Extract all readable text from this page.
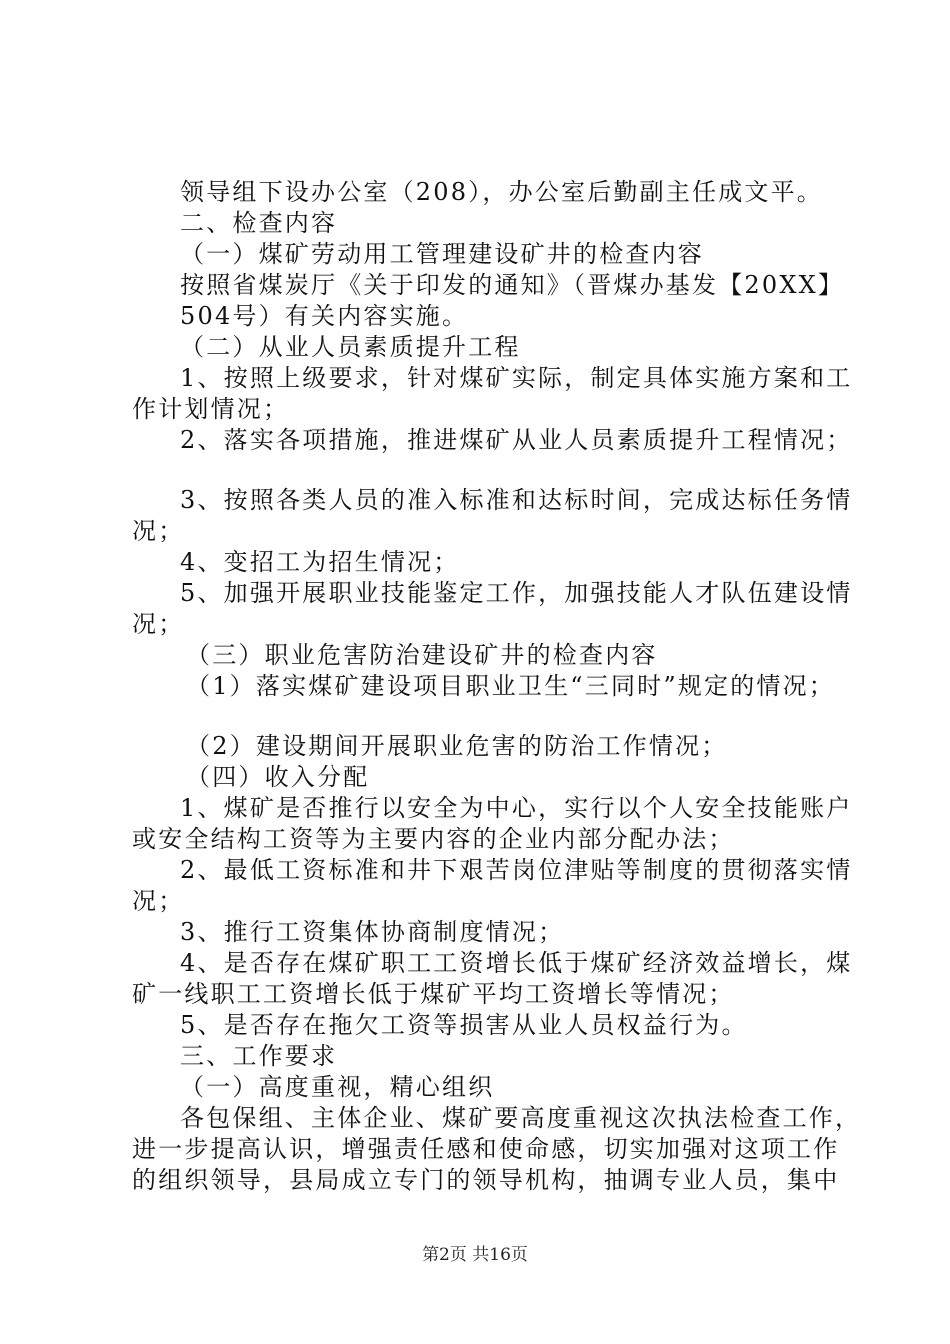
领导组下设办公室（208），办公室后勤副主任成文平。
二、检查内容
（一）煤矿劳动用工管理建设矿井的检查内容
按照省煤炭厅《关于印发的通知》（晋煤办基发【20XX】
504号）有关内容实施。
（二）从业人员素质提升工程
1、按照上级要求，针对煤矿实际，制定具体实施方案和工
作计划情况；
2、落实各项措施，推进煤矿从业人员素质提升工程情况；
3、按照各类人员的准入标准和达标时间，完成达标任务情
况；
4、变招工为招生情况；
5、加强开展职业技能鉴定工作，加强技能人才队伍建设情
况；
（三）职业危害防治建设矿井的检查内容
（1）落实煤矿建设项目职业卫生“三同时”规定的情况；
（2）建设期间开展职业危害的防治工作情况；
（四）收入分配
1、煤矿是否推行以安全为中心，实行以个人安全技能账户
或安全结构工资等为主要内容的企业内部分配办法；
2、最低工资标准和井下艰苦岗位津贴等制度的贯彻落实情
况；
3、推行工资集体协商制度情况；
4、是否存在煤矿职工工资增长低于煤矿经济效益增长，煤
矿一线职工工资增长低于煤矿平均工资增长等情况；
5、是否存在拖欠工资等损害从业人员权益行为。
三、工作要求
（一）高度重视，精心组织
各包保组、主体企业、煤矿要高度重视这次执法检查工作，
进一步提高认识，增强责任感和使命感，切实加强对这项工作
的组织领导，县局成立专门的领导机构，抽调专业人员，集中
第2页 共16页
